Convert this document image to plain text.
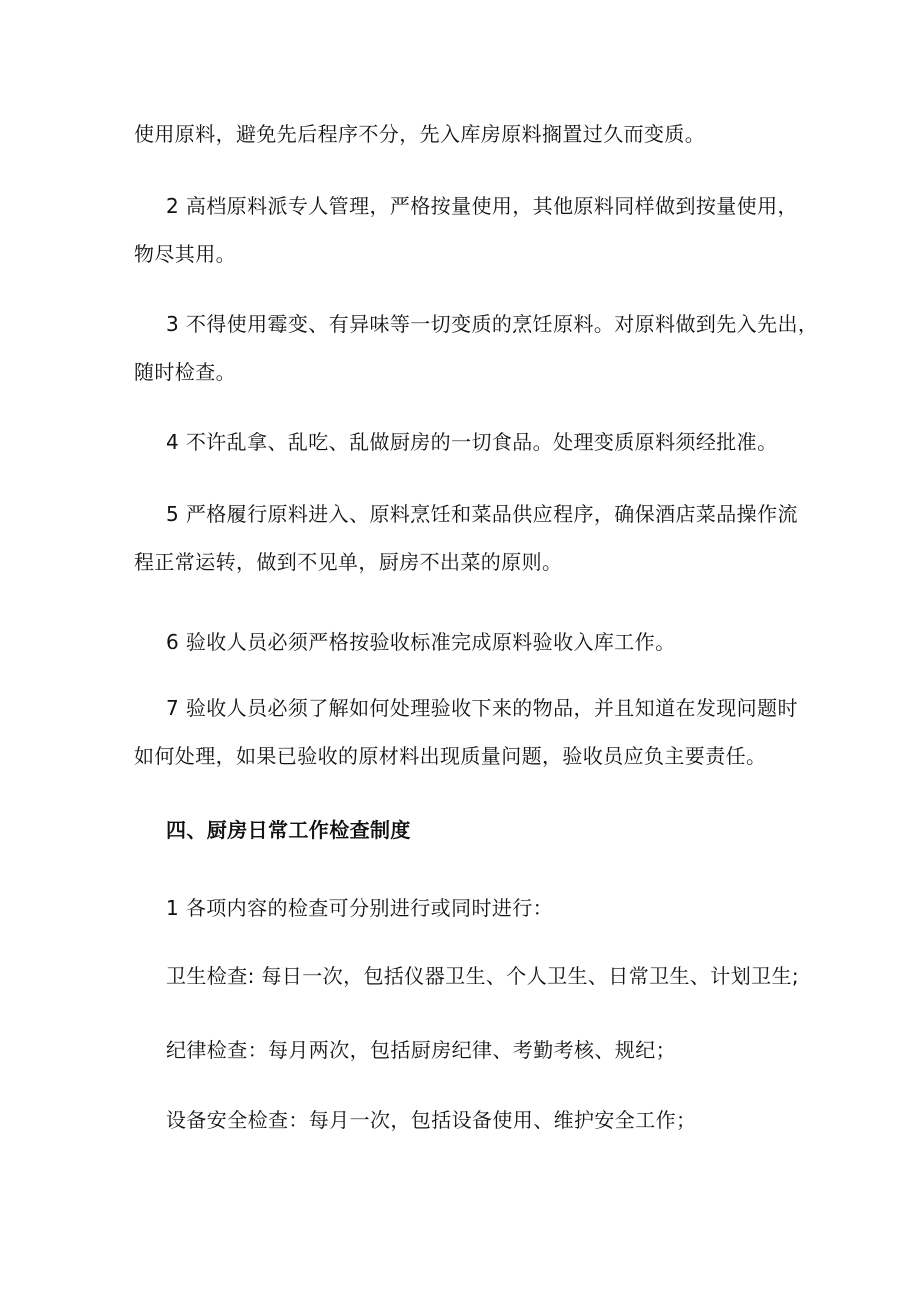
使用原料，避免先后程序不分，先入库房原料搁置过久而变质。

2 高档原料派专人管理，严格按量使用，其他原料同样做到按量使用，
物尽其用。

3 不得使用霉变、有异味等一切变质的烹饪原料。对原料做到先入先出，
随时检查。

4 不许乱拿、乱吃、乱做厨房的一切食品。处理变质原料须经批准。

5 严格履行原料进入、原料烹饪和菜品供应程序，确保酒店菜品操作流
程正常运转，做到不见单，厨房不出菜的原则。

6 验收人员必须严格按验收标准完成原料验收入库工作。

7 验收人员必须了解如何处理验收下来的物品，并且知道在发现问题时
如何处理，如果已验收的原材料出现质量问题，验收员应负主要责任。

四、厨房日常工作检查制度

1 各项内容的检查可分别进行或同时进行：

卫生检查: 每日一次，包括仪器卫生、个人卫生、日常卫生、计划卫生;

纪律检查：每月两次，包括厨房纪律、考勤考核、规纪；

设备安全检查：每月一次，包括设备使用、维护安全工作；
